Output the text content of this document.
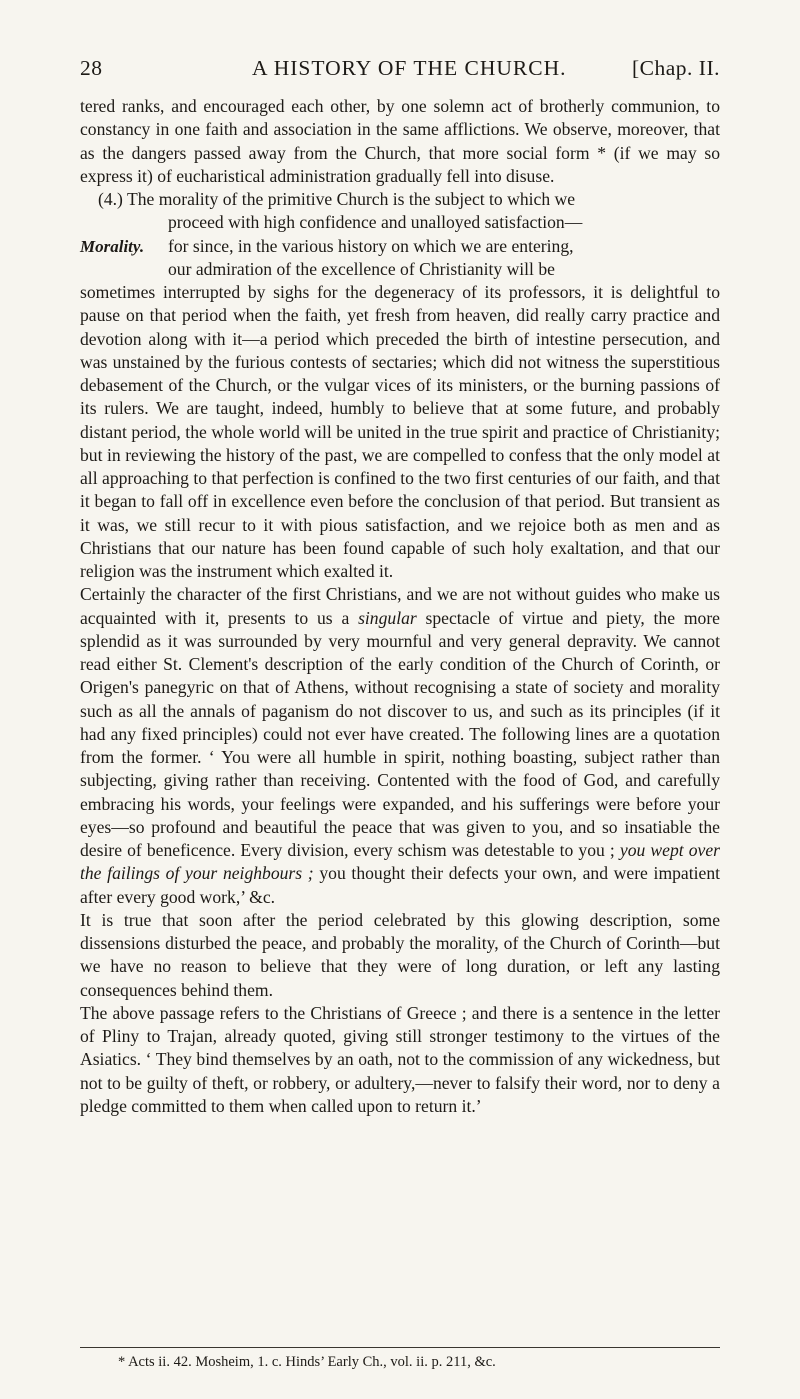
28	A HISTORY OF THE CHURCH.	[Chap. II.

tered ranks, and encouraged each other, by one solemn act of brotherly communion, to constancy in one faith and association in the same afflictions. We observe, moreover, that as the dangers passed away from the Church, that more social form * (if we may so express it) of eucharistical administration gradually fell into disuse.

(4.) The morality of the primitive Church is the subject to which we

proceed with high confidence and unalloyed satisfaction—

Morality.	for since, in the various history on which we are entering,

our admiration of the excellence of Christianity will be

sometimes interrupted by sighs for the degeneracy of its professors, it is delightful to pause on that period when the faith, yet fresh from heaven, did really carry practice and devotion along with it—a period which preceded the birth of intestine persecution, and was unstained by the furious contests of sectaries; which did not witness the superstitious debasement of the Church, or the vulgar vices of its ministers, or the burning passions of its rulers. We are taught, indeed, humbly to believe that at some future, and probably distant period, the whole world will be united in the true spirit and practice of Christianity; but in reviewing the history of the past, we are compelled to confess that the only model at all approaching to that perfection is confined to the two first centuries of our faith, and that it began to fall off in excellence even before the conclusion of that period. But transient as it was, we still recur to it with pious satisfaction, and we rejoice both as men and as Christians that our nature has been found capable of such holy exaltation, and that our religion was the instrument which exalted it.

Certainly the character of the first Christians, and we are not without guides who make us acquainted with it, presents to us a singular spectacle of virtue and piety, the more splendid as it was surrounded by very mournful and very general depravity. We cannot read either St. Clement's description of the early condition of the Church of Corinth, or Origen's panegyric on that of Athens, without recognising a state of society and morality such as all the annals of paganism do not discover to us, and such as its principles (if it had any fixed principles) could not ever have created. The following lines are a quotation from the former. ‘ You were all humble in spirit, nothing boasting, subject rather than subjecting, giving rather than receiving. Contented with the food of God, and carefully embracing his words, your feelings were expanded, and his sufferings were before your eyes—so profound and beautiful the peace that was given to you, and so insatiable the desire of beneficence. Every division, every schism was detestable to you ; you wept over the failings of your neighbours ; you thought their defects your own, and were impatient after every good work,’ &c.

It is true that soon after the period celebrated by this glowing description, some dissensions disturbed the peace, and probably the morality, of the Church of Corinth—but we have no reason to believe that they were of long duration, or left any lasting consequences behind them.

The above passage refers to the Christians of Greece ; and there is a sentence in the letter of Pliny to Trajan, already quoted, giving still stronger testimony to the virtues of the Asiatics. ‘ They bind themselves by an oath, not to the commission of any wickedness, but not to be guilty of theft, or robbery, or adultery,—never to falsify their word, nor to deny a pledge committed to them when called upon to return it.’

* Acts ii. 42. Mosheim, 1. c. Hinds’ Early Ch., vol. ii. p. 211, &c.
